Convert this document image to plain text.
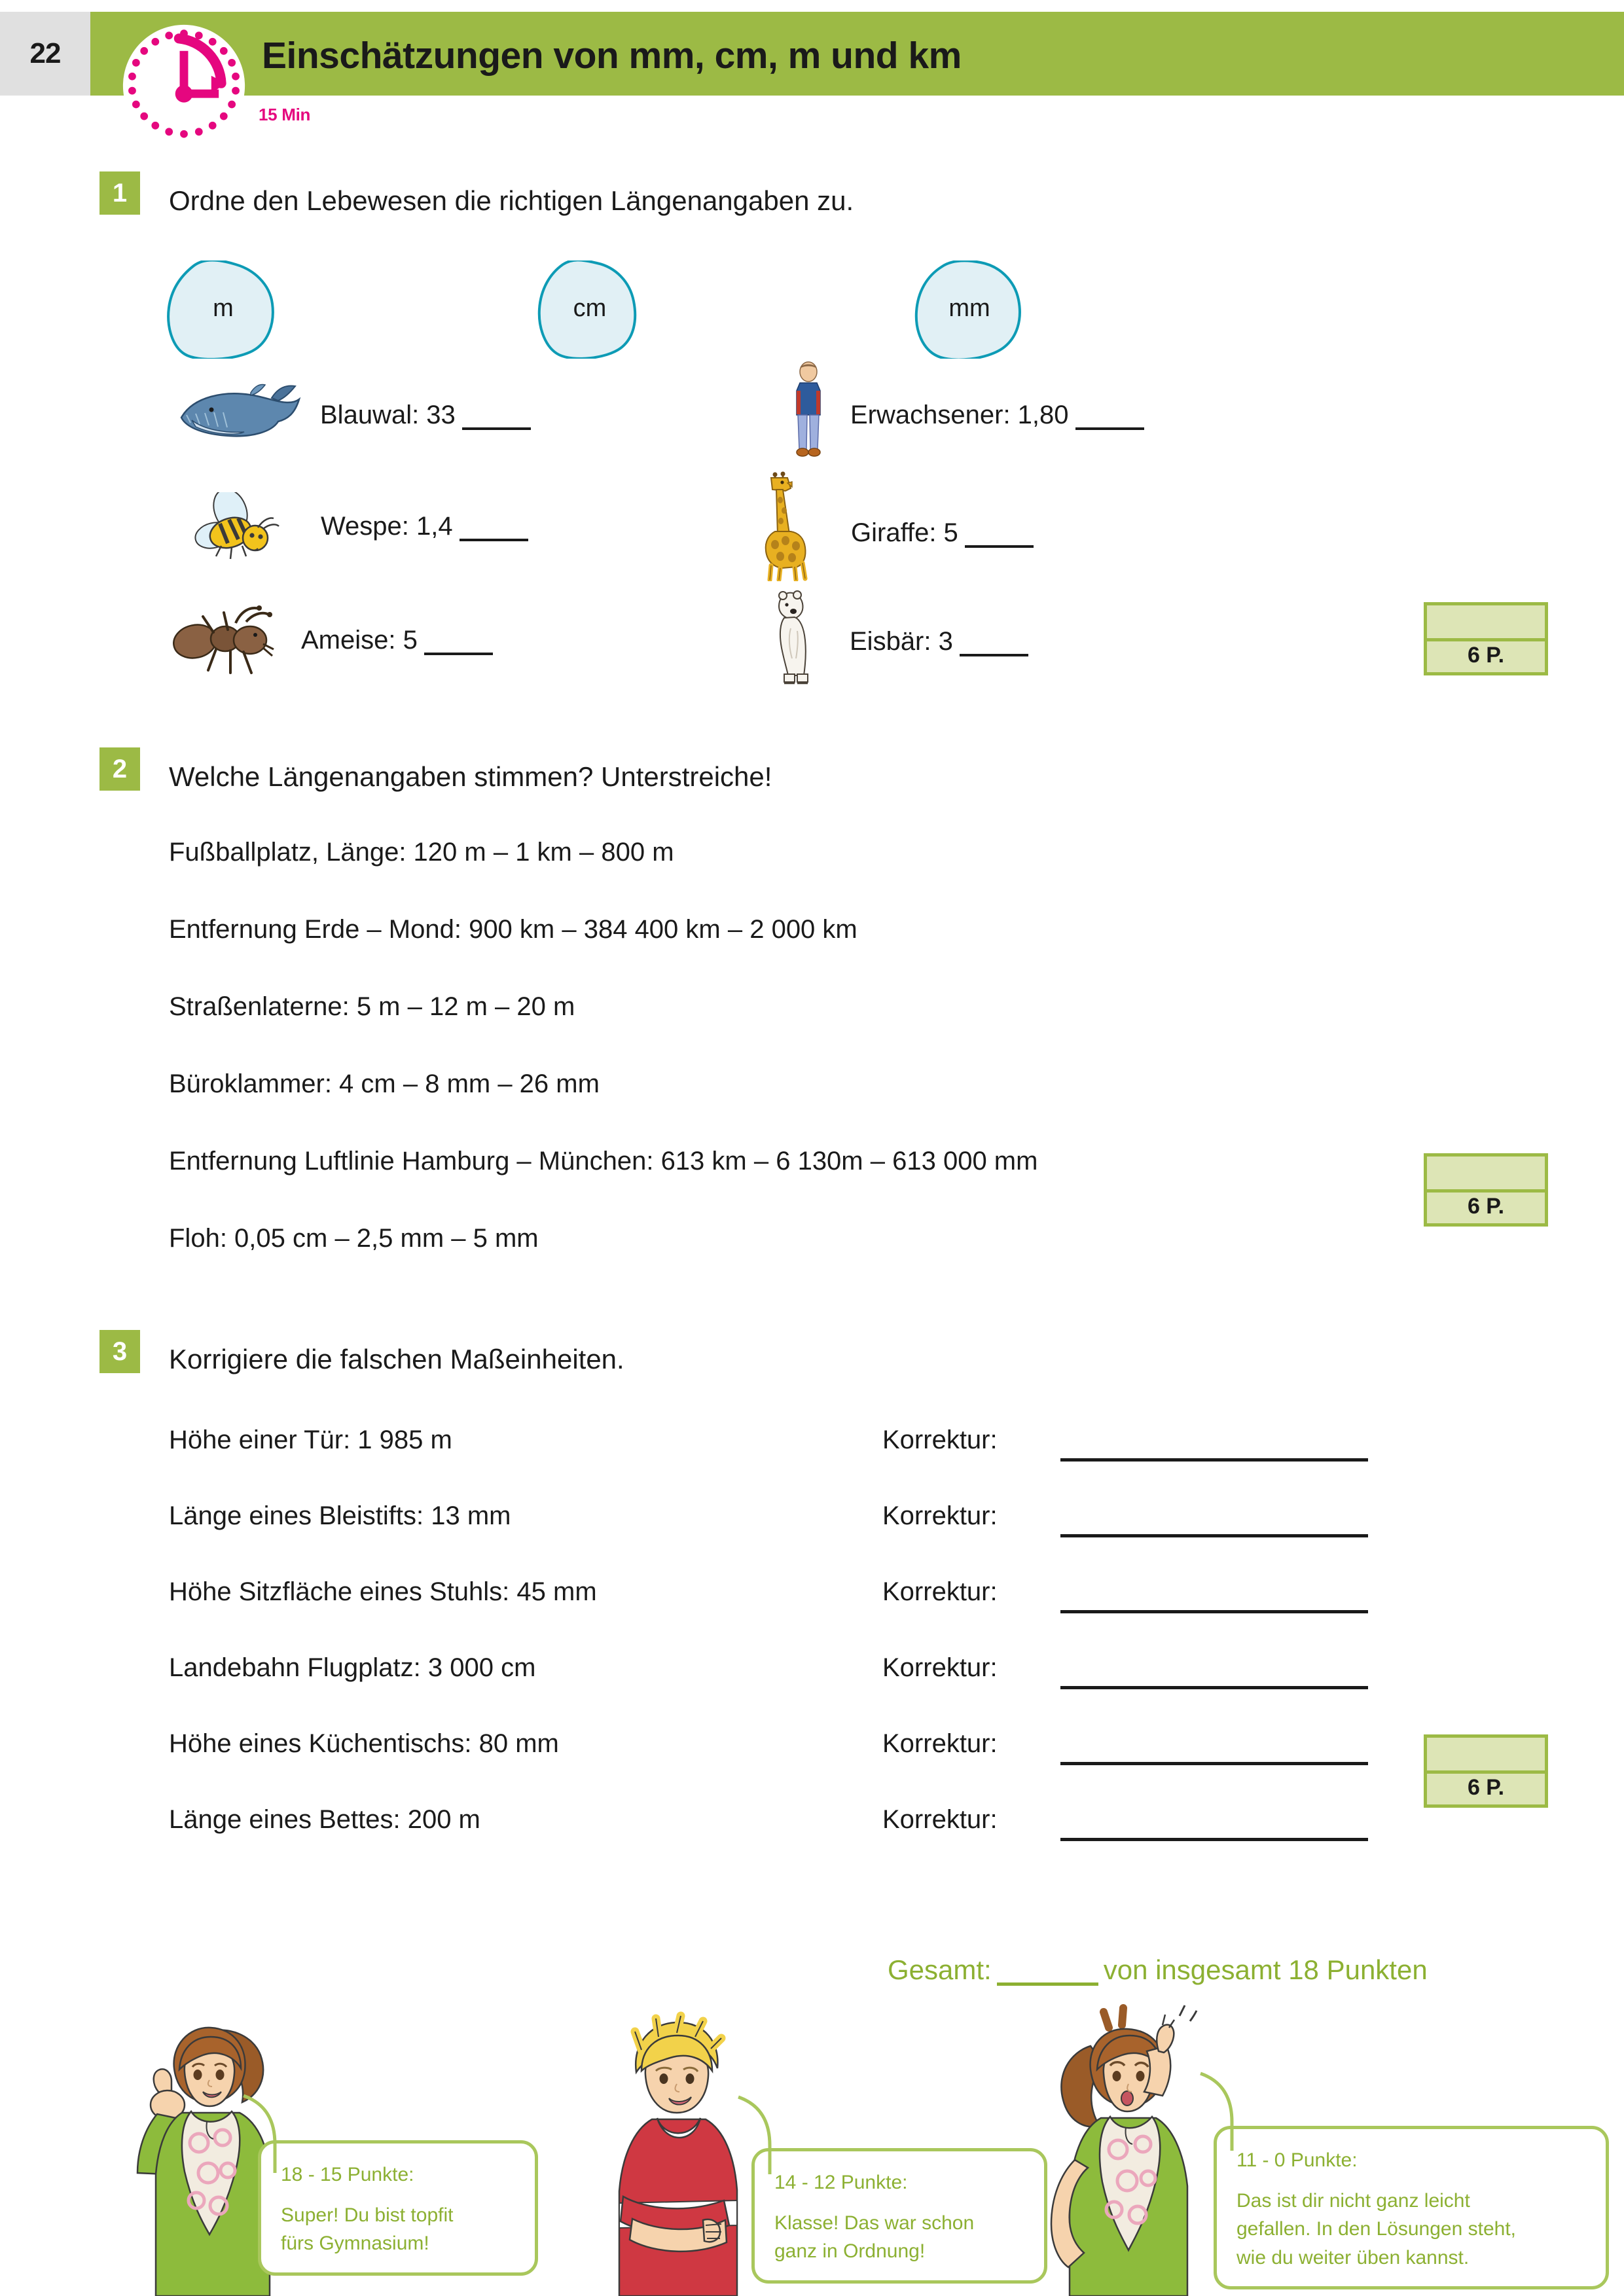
22	Einschätzungen von mm, cm, m und km
15 Min
1	Ordne den Lebewesen die richtigen Längenangaben zu.
m	cm	mm
Blauwal: 33	Erwachsener: 1,80
Wespe: 1,4	Giraffe: 5
Ameise: 5	Eisbär: 3	6 P.
2	Welche Längenangaben stimmen? Unterstreiche!
Fußballplatz, Länge: 120 m – 1 km – 800 m
Entfernung Erde – Mond: 900 km – 384 400 km – 2 000 km
Straßenlaterne: 5 m – 12 m – 20 m
Büroklammer: 4 cm – 8 mm – 26 mm
Entfernung Luftlinie Hamburg – München: 613 km – 6 130m – 613 000 mm
Floh: 0,05 cm – 2,5 mm – 5 mm
6 P.
3	Korrigiere die falschen Maßeinheiten.
Höhe einer Tür: 1 985 m	Korrektur:
Länge eines Bleistifts: 13 mm	Korrektur:
Höhe Sitzfläche eines Stuhls: 45 mm	Korrektur:
Landebahn Flugplatz: 3 000 cm	Korrektur:
Höhe eines Küchentischs: 80 mm	Korrektur:
Länge eines Bettes: 200 m	Korrektur:
6 P.
Gesamt:	von insgesamt 18 Punkten

18 - 15 Punkte:

Super! Du bist topfit

fürs Gymnasium!

14 - 12 Punkte:

Klasse! Das war schon

ganz in Ordnung!

11 - 0 Punkte:

Das ist dir nicht ganz leicht

gefallen. In den Lösungen steht,

wie du weiter üben kannst.
